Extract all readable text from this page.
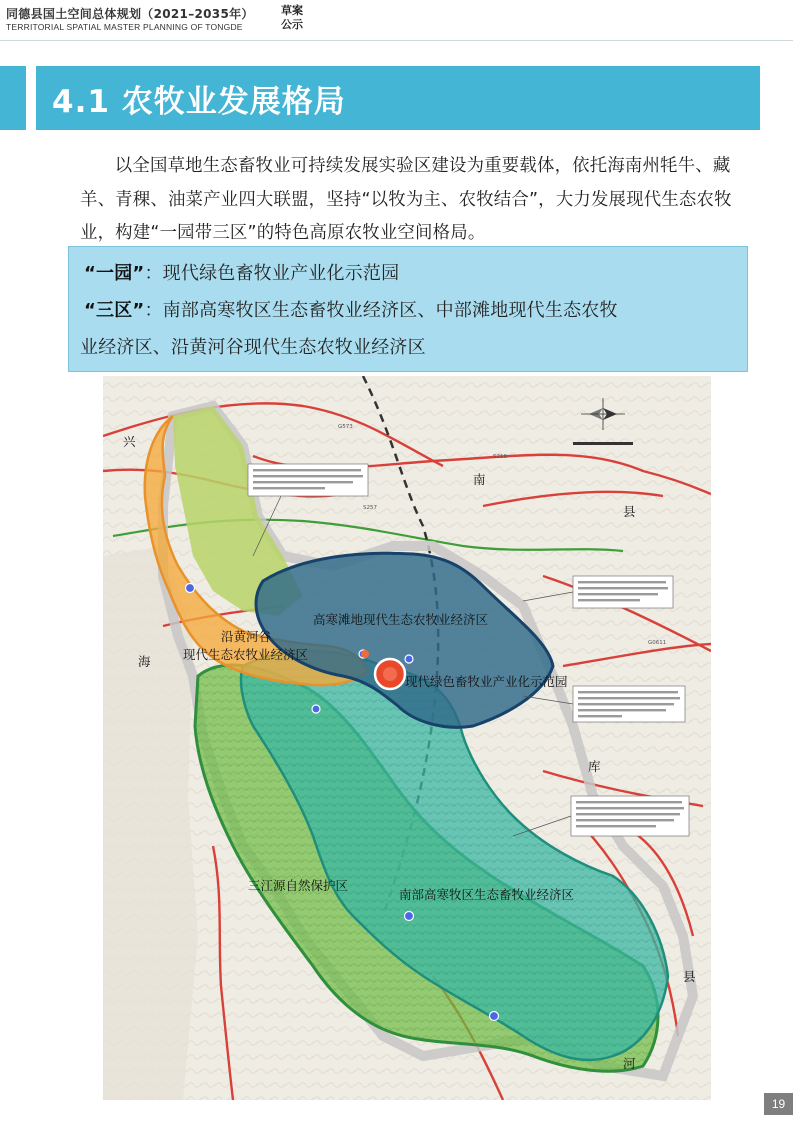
同德县国土空间总体规划（2021–2035年）
TERRITORIAL SPATIAL MASTER PLANNING OF TONGDE
草案
公示
4.1 农牧业发展格局
以全国草地生态畜牧业可持续发展实验区建设为重要载体，依托海南州牦牛、藏羊、青稞、油菜产业四大联盟，坚持“以牧为主、农牧结合”，大力发展现代生态农牧业，构建“一园带三区”的特色高原农牧业空间格局。
“一园”：现代绿色畜牧业产业化示范园
“三区”：南部高寒牧区生态畜牧业经济区、中部滩地现代生态农牧
业经济区、沿黄河谷现代生态农牧业经济区
兴
南
县
库
海
县
河
G573
S216
S257
G0611
高寒滩地现代生态农牧业经济区
沿黄河谷
现代生态农牧业经济区
现代绿色畜牧业产业化示范园
南部高寒牧区生态畜牧业经济区
三江源自然保护区
19
